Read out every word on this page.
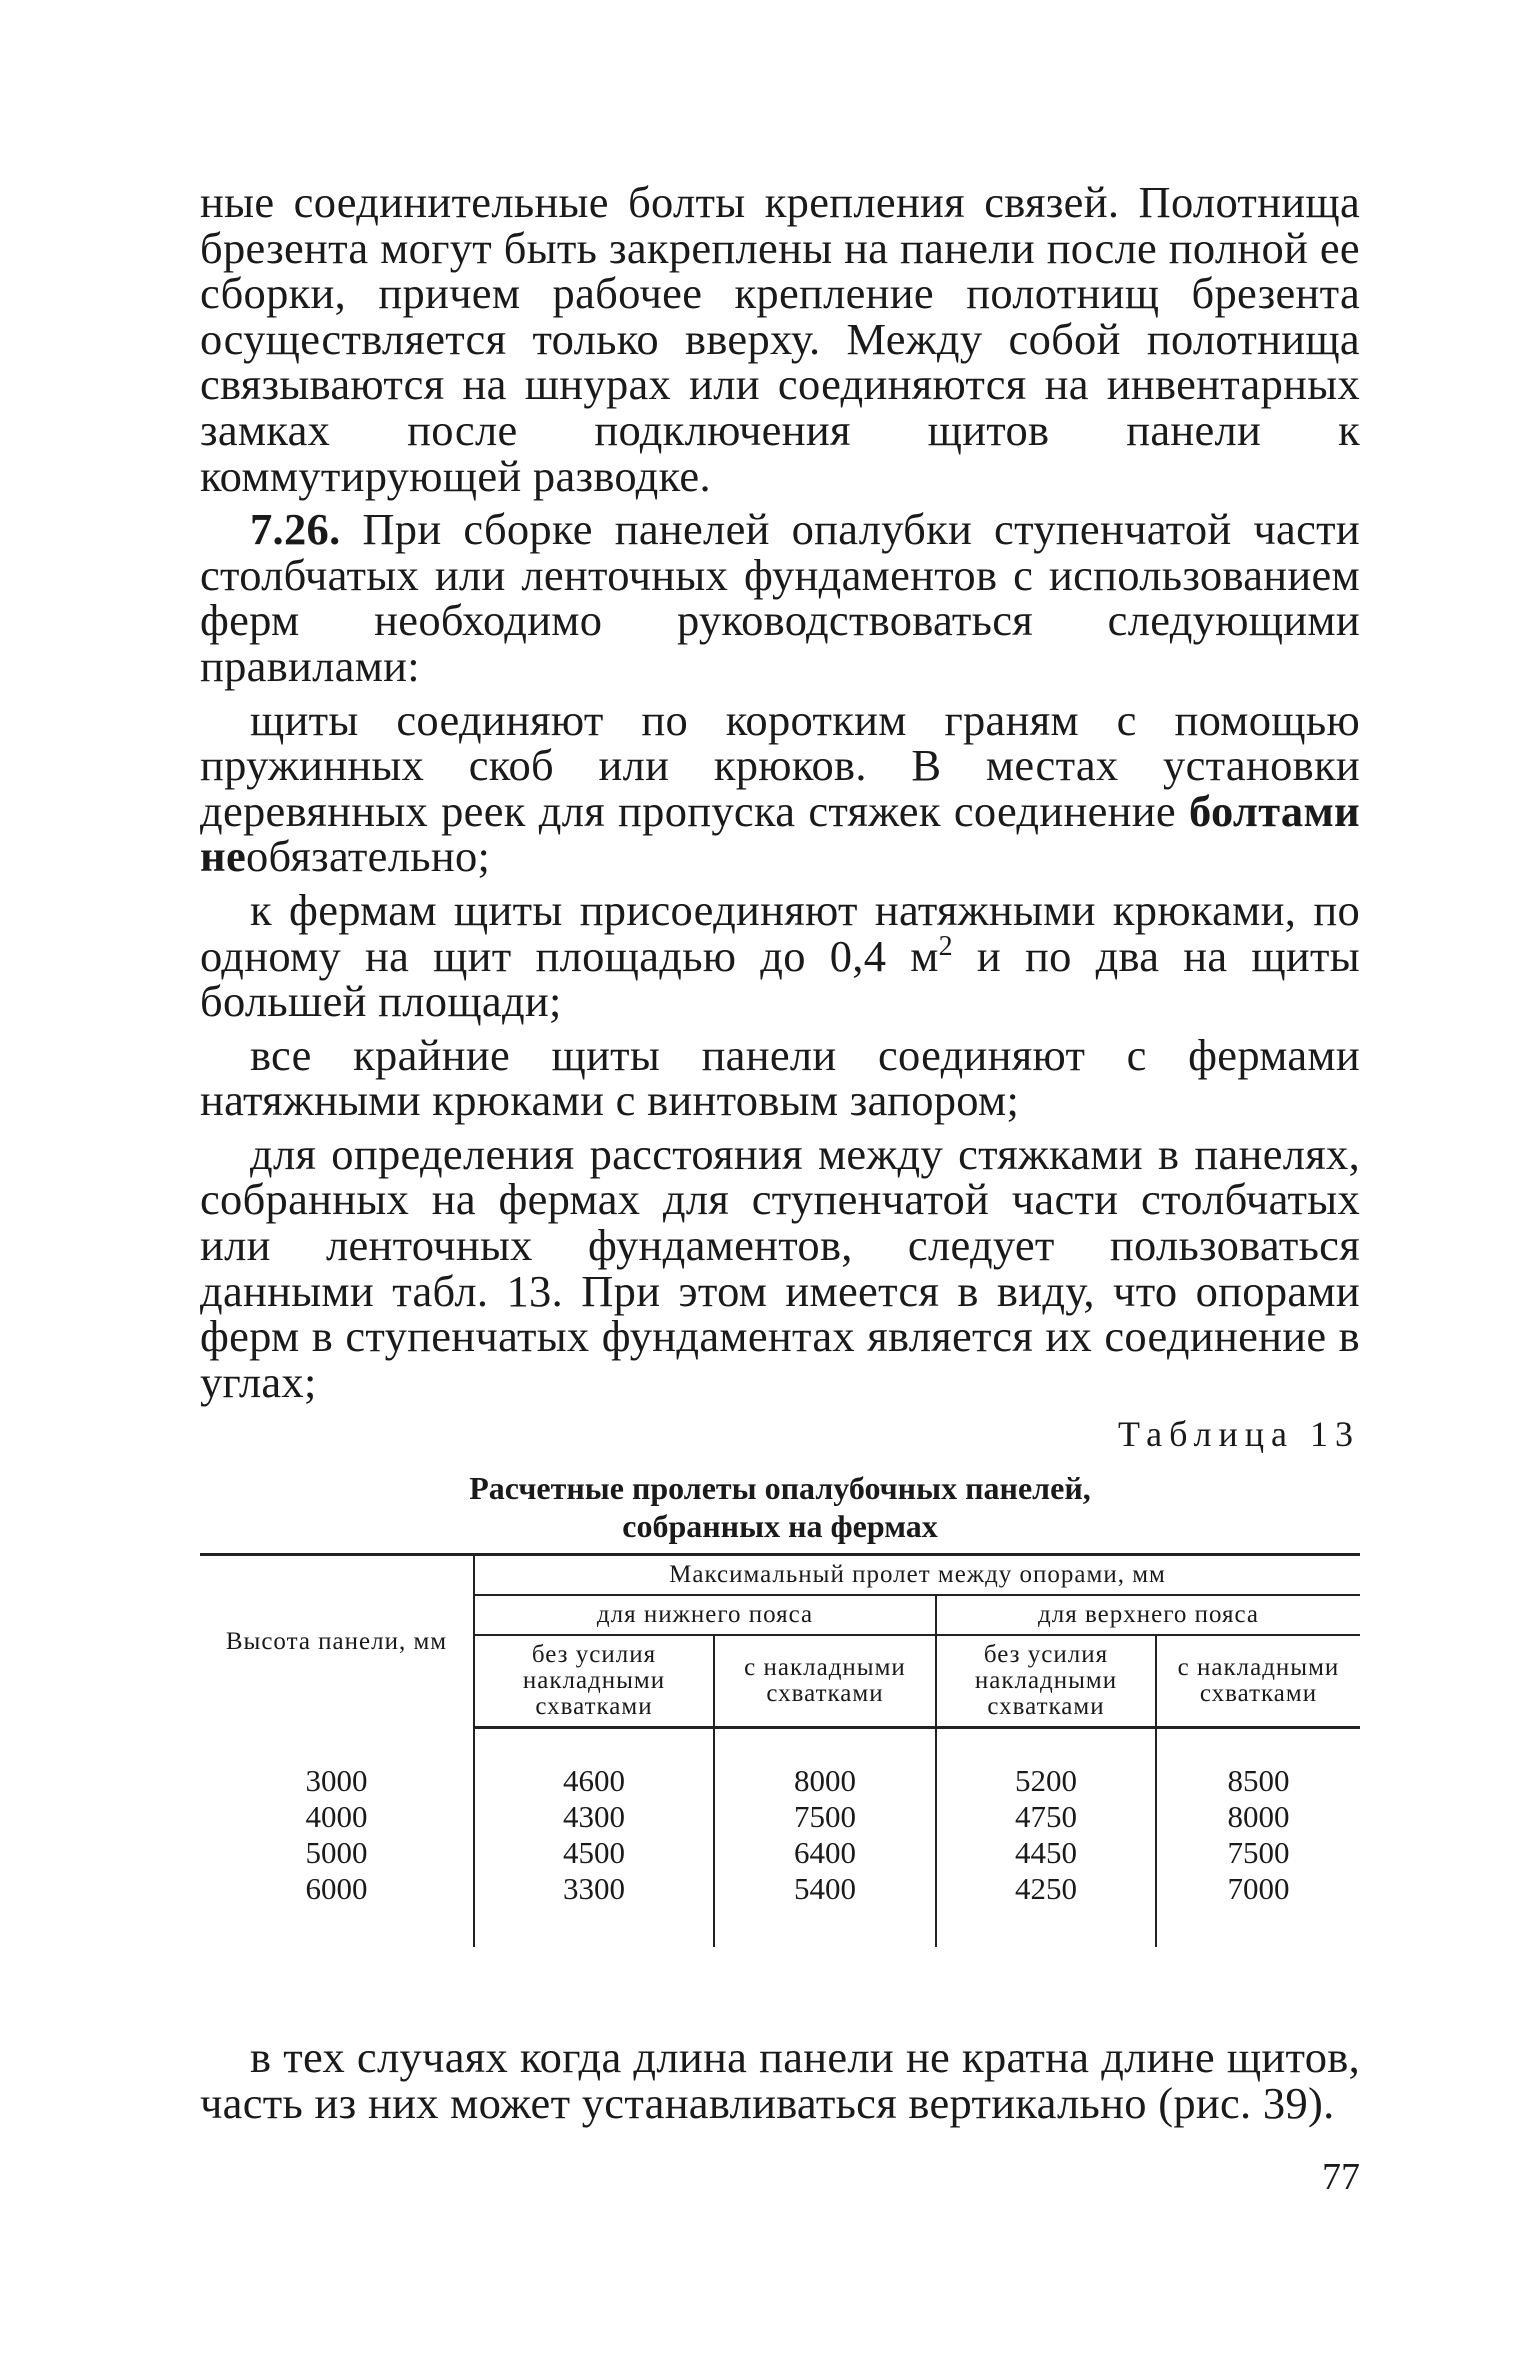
ные соединительные болты крепления связей. Полотнища брезента могут быть закреплены на панели после полной ее сборки, причем рабочее крепление полотнищ брезента осуществляется только вверху. Между собой полотнища связываются на шнурах или соединяются на инвентарных замках после подключения щитов панели к коммутирующей разводке.

7.26. При сборке панелей опалубки ступенчатой части столбчатых или ленточных фундаментов с использованием ферм необходимо руководствоваться следующими правилами:

щиты соединяют по коротким граням с помощью пружинных скоб или крюков. В местах установки деревянных реек для пропуска стяжек соединение болтами необязательно;

к фермам щиты присоединяют натяжными крюками, по одному на щит площадью до 0,4 $м^2$ и по два на щиты большей площади;

все крайние щиты панели соединяют с фермами натяжными крюками с винтовым запором;

для определения расстояния между стяжками в панелях, собранных на фермах для ступенчатой части столбчатых или ленточных фундаментов, следует пользоваться данными табл. 13. При этом имеется в виду, что опорами ферм в ступенчатых фундаментах является их соединение в углах;

Таблица 13
Расчетные пролеты опалубочных панелей,
собранных на фермах
Высота панели, мм	Максимальный пролет между опорами, мм			
	для нижнего пояса		для верхнего пояса	
	без усилия накладными схватками	с накладными схватками	без усилия накладными схватками	с накладными схватками
3000	4600	8000	5200	8500
4000	4300	7500	4750	8000
5000	4500	6400	4450	7500
6000	3300	5400	4250	7000

в тех случаях когда длина панели не кратна длине щитов, часть из них может устанавливаться вертикально (рис. 39).

77
